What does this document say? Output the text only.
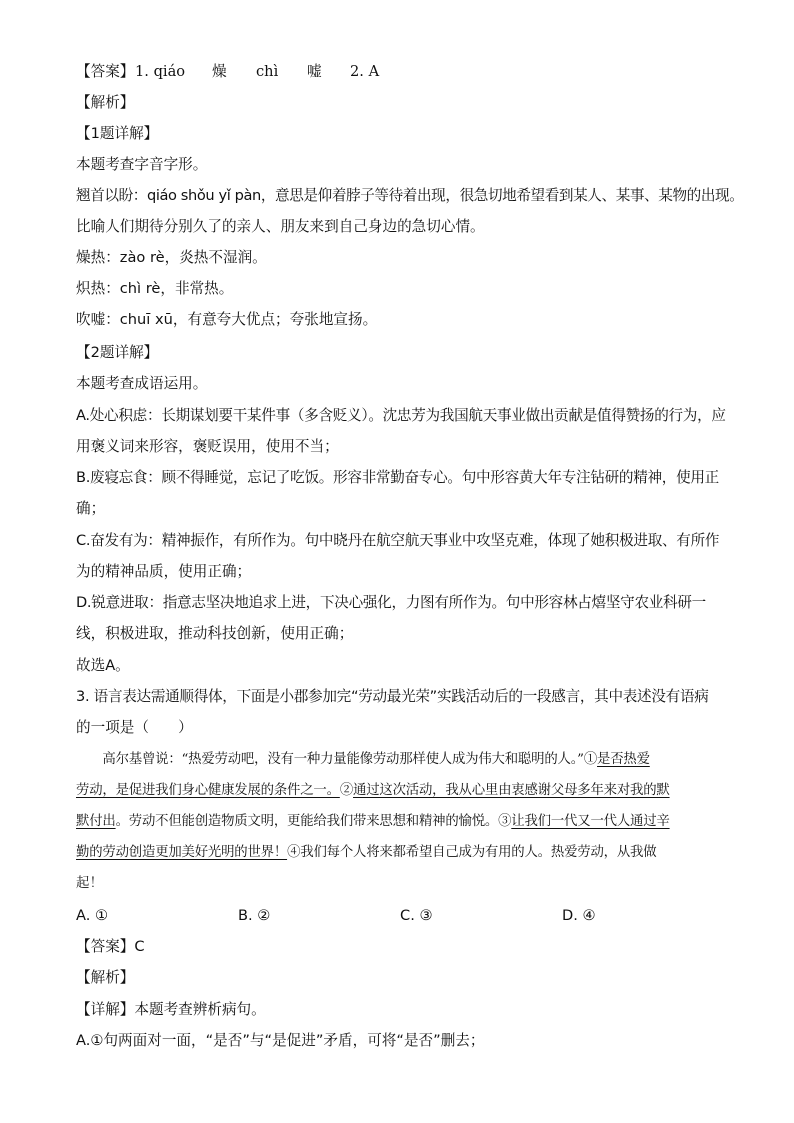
【答案】 1. qiáo 燥 chì 嘘 2. A
【解析】
【1题详解】
本题考查字音字形。
翘首以盼：qiáo shǒu yǐ pàn，意思是仰着脖子等待着出现，很急切地希望看到某人、某事、某物的出现。
比喻人们期待分别久了的亲人、朋友来到自己身边的急切心情。
燥热：zào rè，炎热不湿润。
炽热：chì rè，非常热。
吹嘘：chuī xū，有意夸大优点；夸张地宣扬。
【2题详解】
本题考查成语运用。
A.处心积虑：长期谋划要干某件事（多含贬义）。沈忠芳为我国航天事业做出贡献是值得赞扬的行为，应
用褒义词来形容，褒贬误用，使用不当；
B.废寝忘食：顾不得睡觉，忘记了吃饭。形容非常勤奋专心。句中形容黄大年专注钻研的精神，使用正
确；
C.奋发有为：精神振作，有所作为。句中晓丹在航空航天事业中攻坚克难，体现了她积极进取、有所作
为的精神品质，使用正确；
D.锐意进取：指意志坚决地追求上进，下决心强化，力图有所作为。句中形容林占熺坚守农业科研一
线，积极进取，推动科技创新，使用正确；
故选A。
3. 语言表达需通顺得体，下面是小郡参加完“劳动最光荣”实践活动后的一段感言，其中表述没有语病
的一项是（　　）
　　高尔基曾说：“热爱劳动吧，没有一种力量能像劳动那样使人成为伟大和聪明的人。”①是否热爱
劳动，是促进我们身心健康发展的条件之一。②通过这次活动，我从心里由衷感谢父母多年来对我的默
默付出。劳动不但能创造物质文明，更能给我们带来思想和精神的愉悦。③让我们一代又一代人通过辛
勤的劳动创造更加美好光明的世界！④我们每个人将来都希望自己成为有用的人。热爱劳动，从我做
起！
A. ①	B. ②	C. ③	D. ④
【答案】C
【解析】
【详解】本题考查辨析病句。
A.①句两面对一面，“是否”与“是促进”矛盾，可将“是否”删去；
